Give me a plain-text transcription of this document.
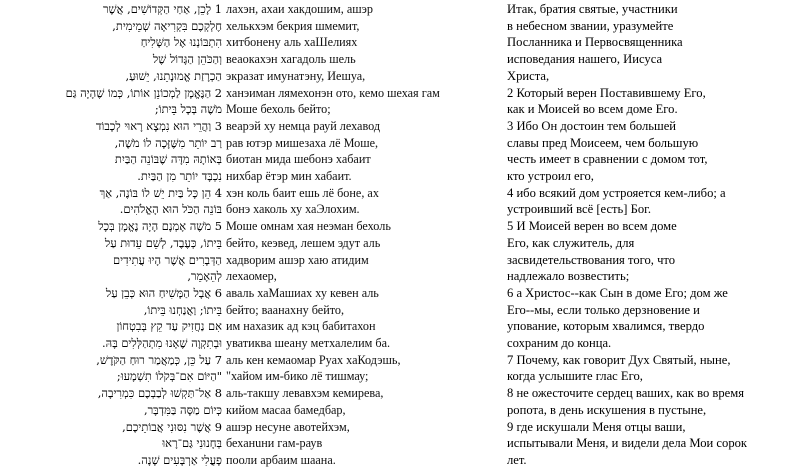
1 לָכֵן, אַחַי הַקְּדוֹשִׁים, אֲשֶׁר
חֶלְקְכֶם בִּקְרִיאָה שְׁמֵימִית,
הִתְבּוֹנְנוּ אֶל הַשָּׁלִיחַ
וְהַכֹּהֵן הַגָּדוֹל שֶׁל
הַכְרָזַת אֱמוּנָתֵנוּ, יֵשׁוּעַ,
2 הַנֶּאֱמָן לַמְכוֹנֵן אוֹתוֹ, כְּמוֹ שֶׁהָיָה גַּם
מֹשֶׁה בְּכָל בֵּיתוֹ;
3 וַהֲרֵי הוּא נִמְצָא רָאוּי לְכָבוֹד
רַב יוֹתֵר מִשֶּׁזָּכָה לוֹ מֹשֶׁה,
בְּאוֹתָהּ מִדָּה שֶׁבּוֹנֵה הַבַּיִת
נִכְבָּד יוֹתֵר מִן הַבַּיִת.
4 הֵן כָּל בַּיִת יֵשׁ לוֹ בּוֹנֶה, אַךְ
בּוֹנֵה הַכֹּל הוּא הָאֱלֹהִים.
5 מֹשֶׁה אָמְנָם הָיָה נֶאֱמָן בְּכָל
בֵּיתוֹ, כְּעֶבֶד, לְשֵׁם עֵדוּת עַל
הַדְּבָרִים אֲשֶׁר הָיוּ עֲתִידִים
לְהֵאָמֵר,
6 אֲבָל הַמָּשִׁיחַ הוּא כְּבֵן עַל
בֵּיתוֹ; וַאֲנַחְנוּ בֵּיתוֹ,
אִם נַחֲזִיק עַד קֵץ בְּבִטְחוֹן
וּבְתִקְוָה שֶׁאָנוּ מִתְהַלְּלִים בָּהּ.
7 עַל כֵּן, כְּמַאֲמַר רוּחַ הַקֹּדֶשׁ,
"הַיּוֹם אִם־בְּקֹלוֹ תִשְׁמָעוּ;
8 אַל־תַּקְשׁוּ לְבַבְכֶם כִּמְרִיבָה,
כְּיוֹם מַסָּה בַּמִּדְבָּר,
9 אֲשֶׁר נִסּוּנִי אֲבוֹתֵיכֶם,
בְּחָנוּנִי גַּם־רָאוּ
פָעֳלִי אַרְבָּעִים שָׁנָה.
лахэн, ахаи хакдошим, ашэр
хелькхэм бекрия шмемит,
хитбонену аль хаШелиях
веаокахэн хагадоль шель
экразат имунатэну, Иешуа,
ханэиман лямехонэн ото, кемо шехая гам
Моше бехоль бейто;
веарэй ху немца рауй лехавод
рав ютэр мишезаха лё Моше,
биотан мида шебонэ хабаит
нихбар ётэр мин хабаит.
хэн коль баит ешь лё боне, ах
бонэ хаколь ху хаЭлохим.
Моше омнам хая неэман бехоль
бейто, кеэвед, лешем эдут аль
хадворим ашэр хаю атидим
лехаомер,
аваль хаМашиах ху кевен аль
бейто; ваанахну бейто,
им нахазик ад кэц бабитахон
уватиква шеану метхалелим ба.
аль кен кемаомар Руах хаКодэшь,
"хайом им-бико лё тишмау;
аль-такшу левавхэм кемирева,
кийом масаа бамедбар,
ашэр несуне авотейхэм,
беханuни гам-раув
пооли арбаим шаана.
Итак, братия святые, участники
в небесном звании, уразумейте
Посланника и Первосвященника
исповедания нашего, Иисуса
Христа,
2 Который верен Поставившему Его,
как и Моисей во всем доме Его.
3 Ибо Он достоин тем большей
славы пред Моисеем, чем большую
честь имеет в сравнении с домом тот,
кто устроил его,
4 ибо всякий дом устрояется кем-либо; а
устроивший всё [есть] Бог.
5 И Моисей верен во всем доме
Его, как служитель, для
засвидетельствования того, что
надлежало возвестить;
6 а Христос--как Сын в доме Его; дом же
Его--мы, если только дерзновение и
упование, которым хвалимся, твердо
сохраним до конца.
7 Почему, как говорит Дух Святый, ныне,
когда услышите глас Его,
8 не ожесточите сердец ваших, как во время
ропота, в день искушения в пустыне,
9 где искушали Меня отцы ваши,
испытывали Меня, и видели дела Мои сорок
лет.
